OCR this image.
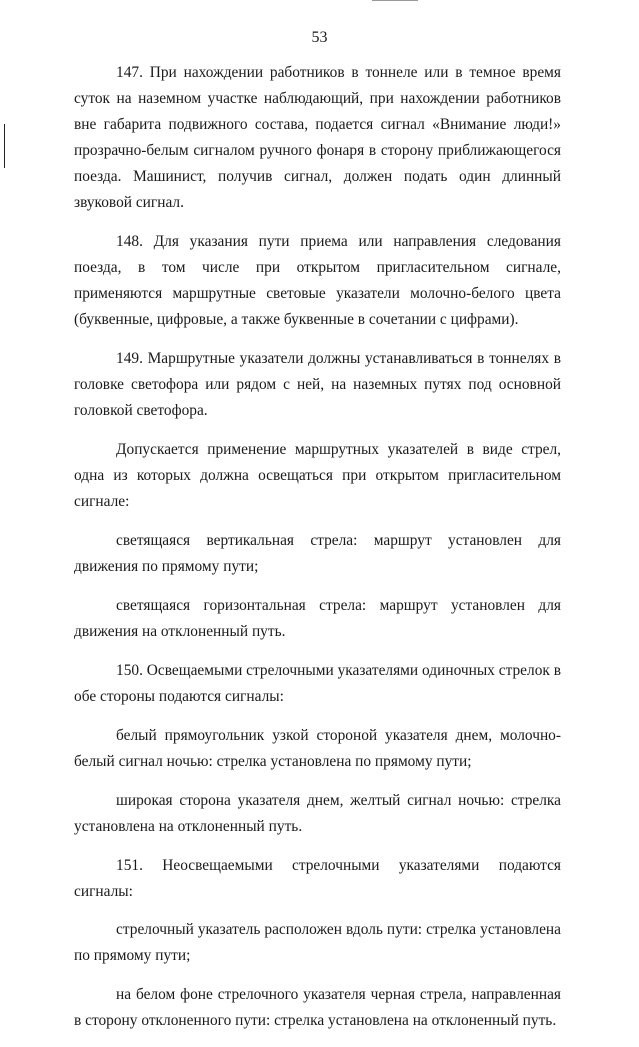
53

147. При нахождении работников в тоннеле или в темное время суток на наземном участке наблюдающий, при нахождении работников вне габарита подвижного состава, подается сигнал «Внимание люди!» прозрачно-белым сигналом ручного фонаря в сторону приближающегося поезда. Машинист, получив сигнал, должен подать один длинный звуковой сигнал.

148. Для указания пути приема или направления следования поезда, в том числе при открытом пригласительном сигнале, применяются маршрутные световые указатели молочно-белого цвета (буквенные, цифровые, а также буквенные в сочетании с цифрами).

149. Маршрутные указатели должны устанавливаться в тоннелях в головке светофора или рядом с ней, на наземных путях под основной головкой светофора.

Допускается применение маршрутных указателей в виде стрел, одна из которых должна освещаться при открытом пригласительном сигнале:

светящаяся вертикальная стрела: маршрут установлен для движения по прямому пути;

светящаяся горизонтальная стрела: маршрут установлен для движения на отклоненный путь.

150. Освещаемыми стрелочными указателями одиночных стрелок в обе стороны подаются сигналы:

белый прямоугольник узкой стороной указателя днем, молочно-белый сигнал ночью: стрелка установлена по прямому пути;

широкая сторона указателя днем, желтый сигнал ночью: стрелка установлена на отклоненный путь.

151. Неосвещаемыми стрелочными указателями подаются сигналы:

стрелочный указатель расположен вдоль пути: стрелка установлена по прямому пути;

на белом фоне стрелочного указателя черная стрела, направленная в сторону отклоненного пути: стрелка установлена на отклоненный путь.
